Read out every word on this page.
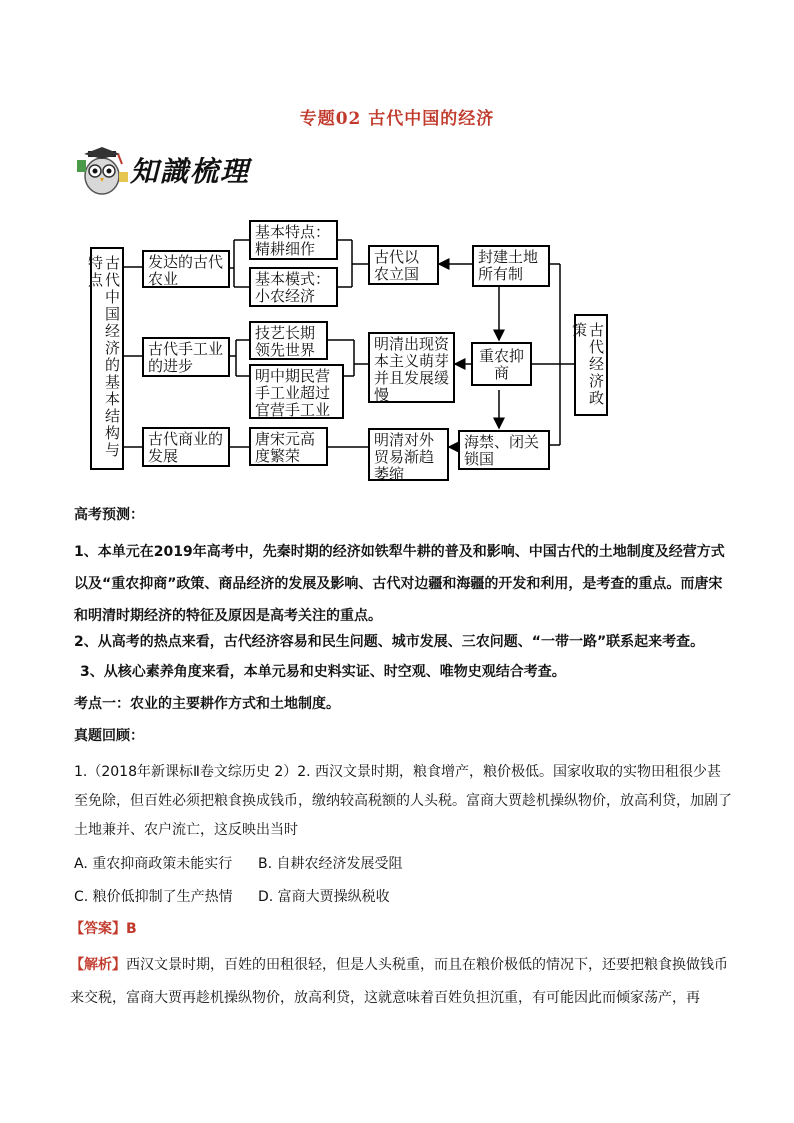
专题02 古代中国的经济
知識梳理
古代中国经济的基本结构与特点	发达的古代农业
基本特点：精耕细作
基本模式：小农经济
古代以农立国
封建土地所有制
古代手工业的进步
技艺长期领先世界
明中期民营手工业超过官营手工业
明清出现资本主义萌芽并且发展缓慢
重农抑商	古代经济政策
古代商业的发展
唐宋元高度繁荣
明清对外贸易渐趋萎缩
海禁、闭关锁国
高考预测：
1、本单元在2019年高考中，先秦时期的经济如铁犁牛耕的普及和影响、中国古代的土地制度及经营方式以及“重农抑商”政策、商品经济的发展及影响、古代对边疆和海疆的开发和利用，是考查的重点。而唐宋和明清时期经济的特征及原因是高考关注的重点。
2、从高考的热点来看，古代经济容易和民生问题、城市发展、三农问题、“一带一路”联系起来考查。
3、从核心素养角度来看，本单元易和史料实证、时空观、唯物史观结合考查。
考点一：农业的主要耕作方式和土地制度。
真题回顾：
1.（2018年新课标Ⅱ卷文综历史 2）2. 西汉文景时期，粮食增产，粮价极低。国家收取的实物田租很少甚至免除，但百姓必须把粮食换成钱币，缴纳较高税额的人头税。富商大贾趁机操纵物价，放高利贷，加剧了土地兼并、农户流亡，这反映出当时
A. 重农抑商政策未能实行	B. 自耕农经济发展受阻
C. 粮价低抑制了生产热情	D. 富商大贾操纵税收
【答案】B
【解析】西汉文景时期，百姓的田租很轻，但是人头税重，而且在粮价极低的情况下，还要把粮食换做钱币来交税，富商大贾再趁机操纵物价，放高利贷，这就意味着百姓负担沉重，有可能因此而倾家荡产，再
